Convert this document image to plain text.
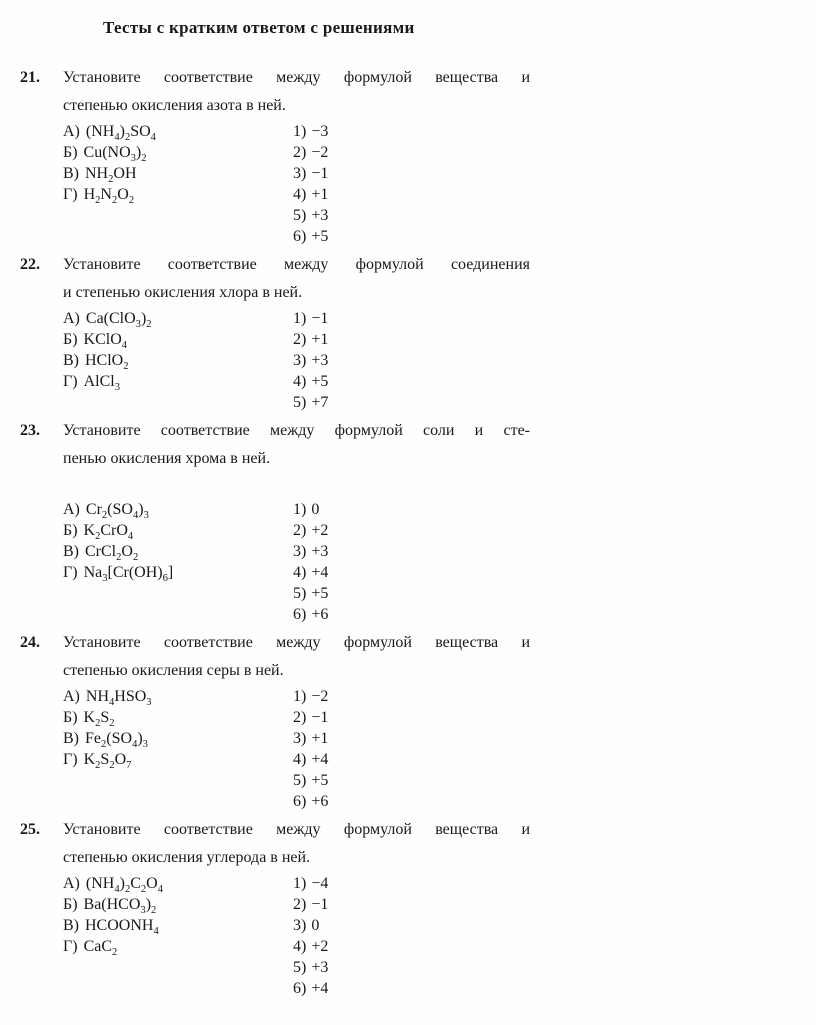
Тесты с кратким ответом с решениями
21.	Установите соответствие между формулой вещества и
степенью окисления азота в ней.
А) $(NH_4)_2SO_4$	1) −3
Б) $Cu(NO_3)_2$	2) −2
В) $NH_2OH$	3) −1
Г) $H_2N_2O_2$	4) +1
5) +3
6) +5
22.	Установите соответствие между формулой соединения
и степенью окисления хлора в ней.
А) $Ca(ClO_3)_2$	1) −1
Б) KClO$_4$	2) +1
В) HClO$_2$	3) +3
Г) AlCl$_3$	4) +5
5) +7
23.	Установите соответствие между формулой соли и сте-
пенью окисления хрома в ней.
А) $Cr_2(SO_4)_3$	1) 0
Б) $K_2CrO_4$	2) +2
В) $CrCl_2O_2$	3) +3
Г) $Na_3[Cr(OH)_6]$	4) +4
5) +5
6) +6
24.	Установите соответствие между формулой вещества и
степенью окисления серы в ней.
А) $NH_4HSO_3$	1) −2
Б) $K_2S_2$	2) −1
В) $Fe_2(SO_4)_3$	3) +1
Г) $K_2S_2O_7$	4) +4
5) +5
6) +6
25.	Установите соответствие между формулой вещества и
степенью окисления углерода в ней.
А) $(NH_4)_2C_2O_4$	1) −4
Б) $Ba(HCO_3)_2$	2) −1
В) $HCOONH_4$	3) 0
Г) CaC$_2$	4) +2
5) +3
6) +4
